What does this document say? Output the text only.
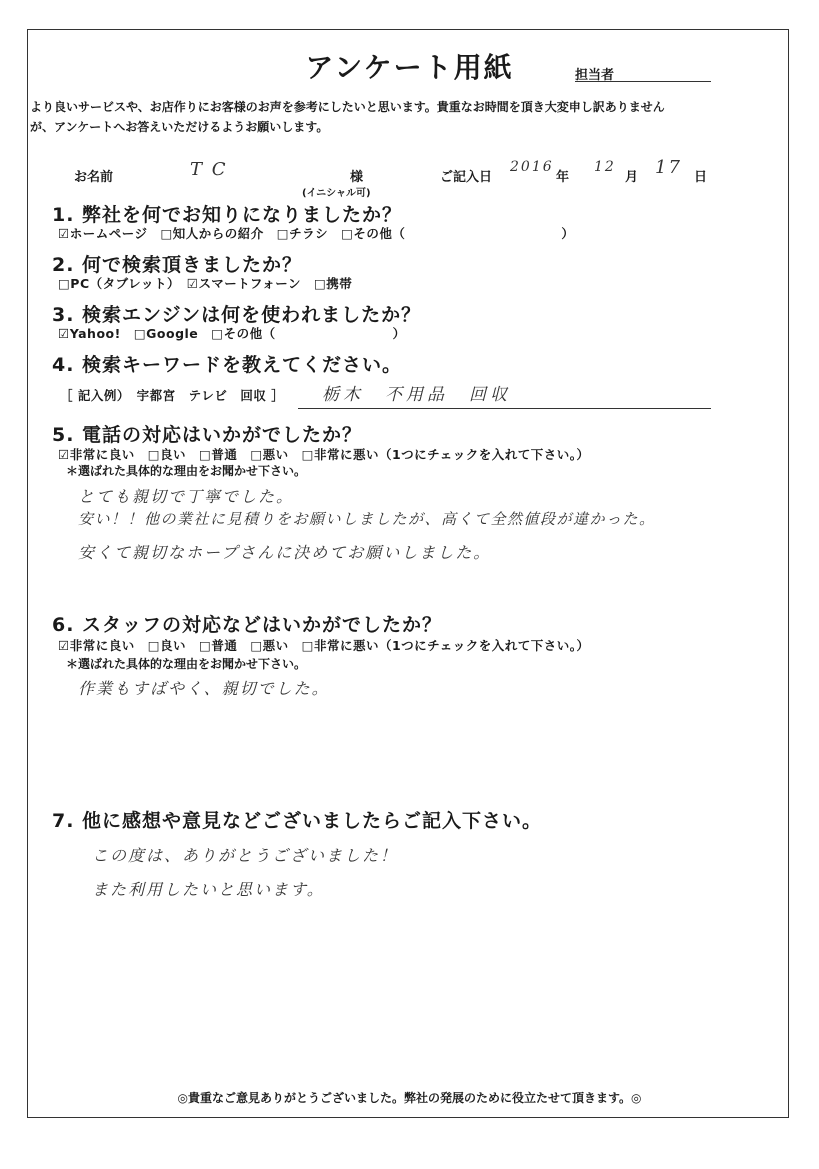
アンケート用紙	担当者
より良いサービスや、お店作りにお客様のお声を参考にしたいと思います。貴重なお時間を頂き大変申し訳ありません
が、アンケートへお答えいただけるようお願いします。
お名前	T C	様
(イニシャル可)
ご記入日
2016
年
12
月 17 日
1. 弊社を何でお知りになりましたか？
☑ホームページ　□知人からの紹介　□チラシ　□その他（　　　　　　　　　　　　）
2. 何で検索頂きましたか？
□PC（タブレット）　☑スマートフォーン　□携帯
3. 検索エンジンは何を使われましたか？
☑Yahoo!　□Google　□その他（　　　　　　　　　）
4. 検索キーワードを教えてください。
［ 記入例）　宇都宮　テレビ　回収 ］ 栃木　不用品　回収
5. 電話の対応はいかがでしたか？
☑非常に良い　□良い　□普通　□悪い　□非常に悪い（1つにチェックを入れて下さい。）
＊選ばれた具体的な理由をお聞かせ下さい。
とても親切で丁寧でした。
安い！！他の業社に見積りをお願いしましたが、高くて全然値段が違かった。
安くて親切なホープさんに決めてお願いしました。
6. スタッフの対応などはいかがでしたか？
☑非常に良い　□良い　□普通　□悪い　□非常に悪い（1つにチェックを入れて下さい。）
＊選ばれた具体的な理由をお聞かせ下さい。
作業もすばやく、親切でした。
7. 他に感想や意見などございましたらご記入下さい。
この度は、ありがとうございました！
また利用したいと思います。
◎貴重なご意見ありがとうございました。弊社の発展のために役立たせて頂きます。◎
